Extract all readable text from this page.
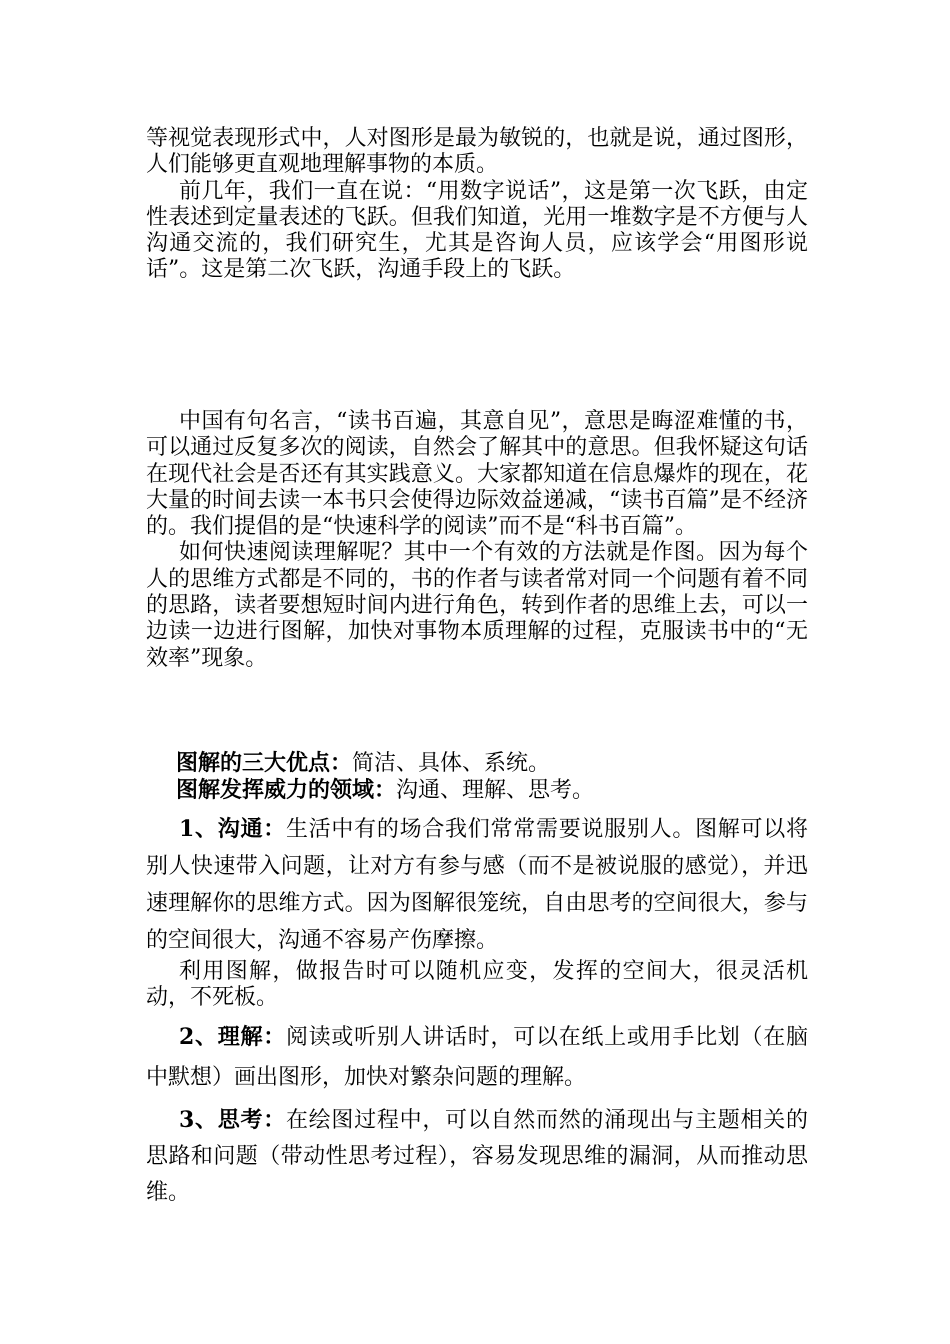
等视觉表现形式中，人对图形是最为敏锐的，也就是说，通过图形，人们能够更直观地理解事物的本质。

前几年，我们一直在说：“用数字说话”，这是第一次飞跃，由定性表述到定量表述的飞跃。但我们知道，光用一堆数字是不方便与人沟通交流的，我们研究生，尤其是咨询人员，应该学会“用图形说话”。这是第二次飞跃，沟通手段上的飞跃。

中国有句名言，“读书百遍，其意自见”，意思是晦涩难懂的书，可以通过反复多次的阅读，自然会了解其中的意思。但我怀疑这句话在现代社会是否还有其实践意义。大家都知道在信息爆炸的现在，花大量的时间去读一本书只会使得边际效益递减，“读书百篇”是不经济的。我们提倡的是“快速科学的阅读”而不是“科书百篇”。

如何快速阅读理解呢？其中一个有效的方法就是作图。因为每个人的思维方式都是不同的，书的作者与读者常对同一个问题有着不同的思路，读者要想短时间内进行角色，转到作者的思维上去，可以一边读一边进行图解，加快对事物本质理解的过程，克服读书中的“无效率”现象。

图解的三大优点：简洁、具体、系统。

图解发挥威力的领域：沟通、理解、思考。

1、沟通：生活中有的场合我们常常需要说服别人。图解可以将别人快速带入问题，让对方有参与感（而不是被说服的感觉），并迅速理解你的思维方式。因为图解很笼统，自由思考的空间很大，参与的空间很大，沟通不容易产伤摩擦。

利用图解，做报告时可以随机应变，发挥的空间大，很灵活机动，不死板。

2、理解：阅读或听别人讲话时，可以在纸上或用手比划（在脑中默想）画出图形，加快对繁杂问题的理解。

3、思考：在绘图过程中，可以自然而然的涌现出与主题相关的思路和问题（带动性思考过程），容易发现思维的漏洞，从而推动思维。
